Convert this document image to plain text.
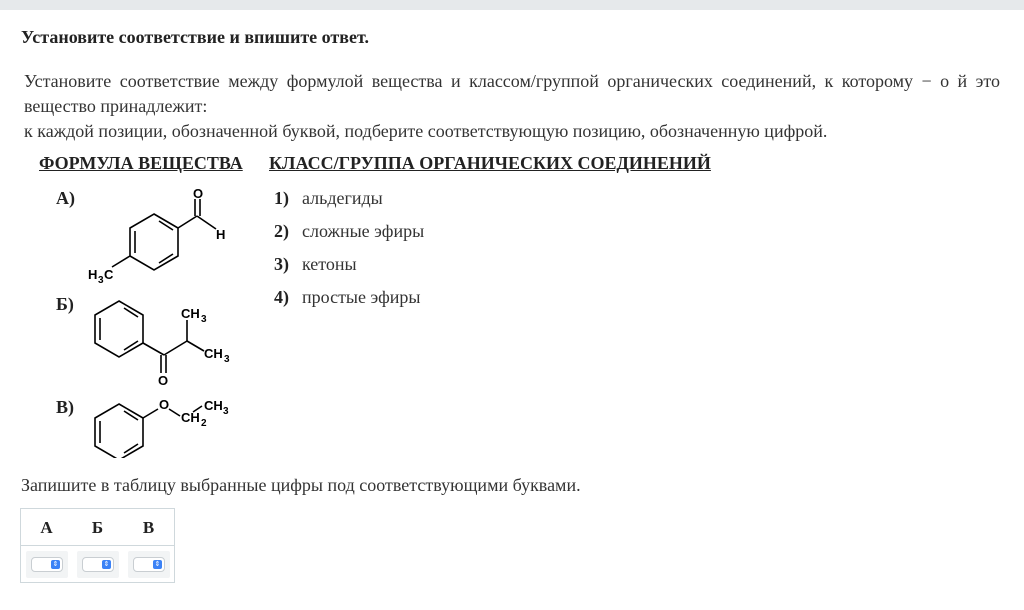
Установите соответствие и впишите ответ.
Установите соответствие между формулой вещества и классом/группой органических соединений, к которому − о й это
вещество принадлежит:
к каждой позиции, обозначенной буквой, подберите соответствующую позицию, обозначенную цифрой.
ФОРМУЛА ВЕЩЕСТВА КЛАСС/ГРУППА ОРГАНИЧЕСКИХ СОЕДИНЕНИЙ
А)	O
H
H 3 C
Б)	CH 3
CH 3
O
В)	O
CH 2
CH 3
1) альдегиды
2) сложные эфиры
3) кетоны
4) простые эфиры
Запишите в таблицу выбранные цифры под соответствующими буквами.
А	Б	В
⇕	⇕	⇕
